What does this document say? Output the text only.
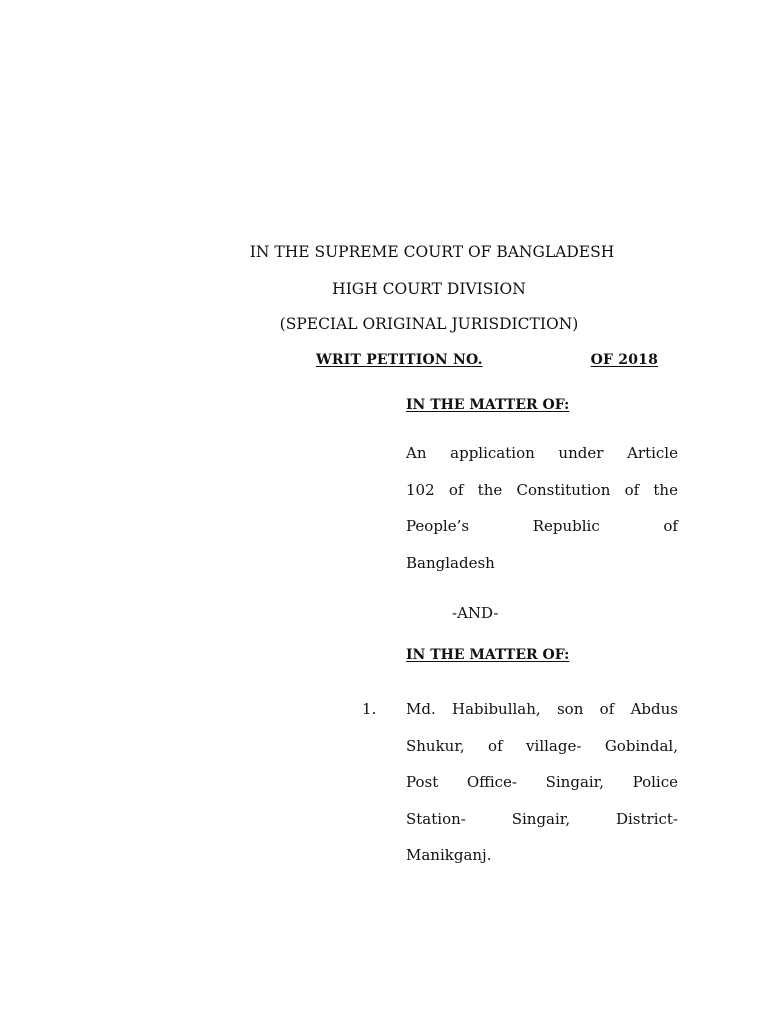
IN THE SUPREME COURT OF BANGLADESH
HIGH COURT DIVISION
(SPECIAL ORIGINAL JURISDICTION)
WRIT PETITION NO.	OF 2018
IN THE MATTER OF:
An application under Article
102 of the Constitution of the
People’s	Republic	of
Bangladesh
-AND-
IN THE MATTER OF:
1. Md. Habibullah, son of Abdus
Shukur, of village- Gobindal,
Post Office- Singair, Police
Station-	Singair,	District-
Manikganj.
